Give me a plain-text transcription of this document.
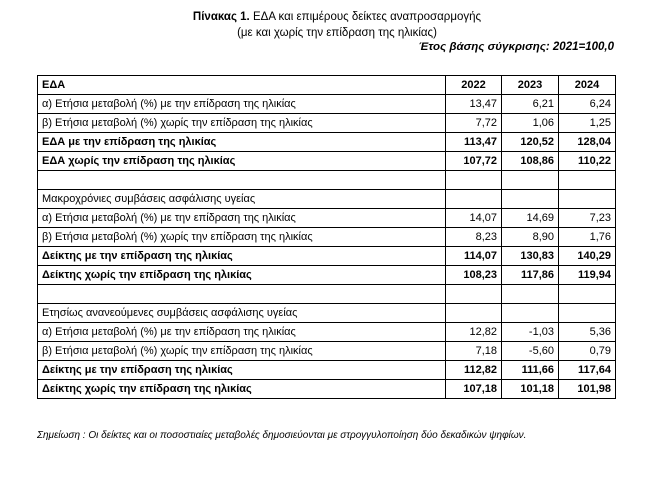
Πίνακας 1. ΕΔΑ και επιμέρους δείκτες αναπροσαρμογής
(με και χωρίς την επίδραση της ηλικίας)
Έτος βάσης σύγκρισης: 2021=100,0
ΕΔΑ	2022	2023	2024
α) Ετήσια μεταβολή (%) με την επίδραση της ηλικίας	13,47	6,21	6,24
β) Ετήσια μεταβολή (%) χωρίς την επίδραση της ηλικίας	7,72	1,06	1,25
ΕΔΑ με την επίδραση της ηλικίας	113,47	120,52	128,04
ΕΔΑ χωρίς την επίδραση της ηλικίας	107,72	108,86	110,22

Μακροχρόνιες συμβάσεις ασφάλισης υγείας			
α) Ετήσια μεταβολή (%) με την επίδραση της ηλικίας	14,07	14,69	7,23
β) Ετήσια μεταβολή (%) χωρίς την επίδραση της ηλικίας	8,23	8,90	1,76
Δείκτης με την επίδραση της ηλικίας	114,07	130,83	140,29
Δείκτης χωρίς την επίδραση της ηλικίας	108,23	117,86	119,94

Ετησίως ανανεούμενες συμβάσεις ασφάλισης υγείας			
α) Ετήσια μεταβολή (%) με την επίδραση της ηλικίας	12,82	-1,03	5,36
β) Ετήσια μεταβολή (%) χωρίς την επίδραση της ηλικίας	7,18	-5,60	0,79
Δείκτης με την επίδραση της ηλικίας	112,82	111,66	117,64
Δείκτης χωρίς την επίδραση της ηλικίας	107,18	101,18	101,98
Σημείωση : Οι δείκτες και οι ποσοστιαίες μεταβολές δημοσιεύονται με στρογγυλοποίηση δύο δεκαδικών ψηφίων.
